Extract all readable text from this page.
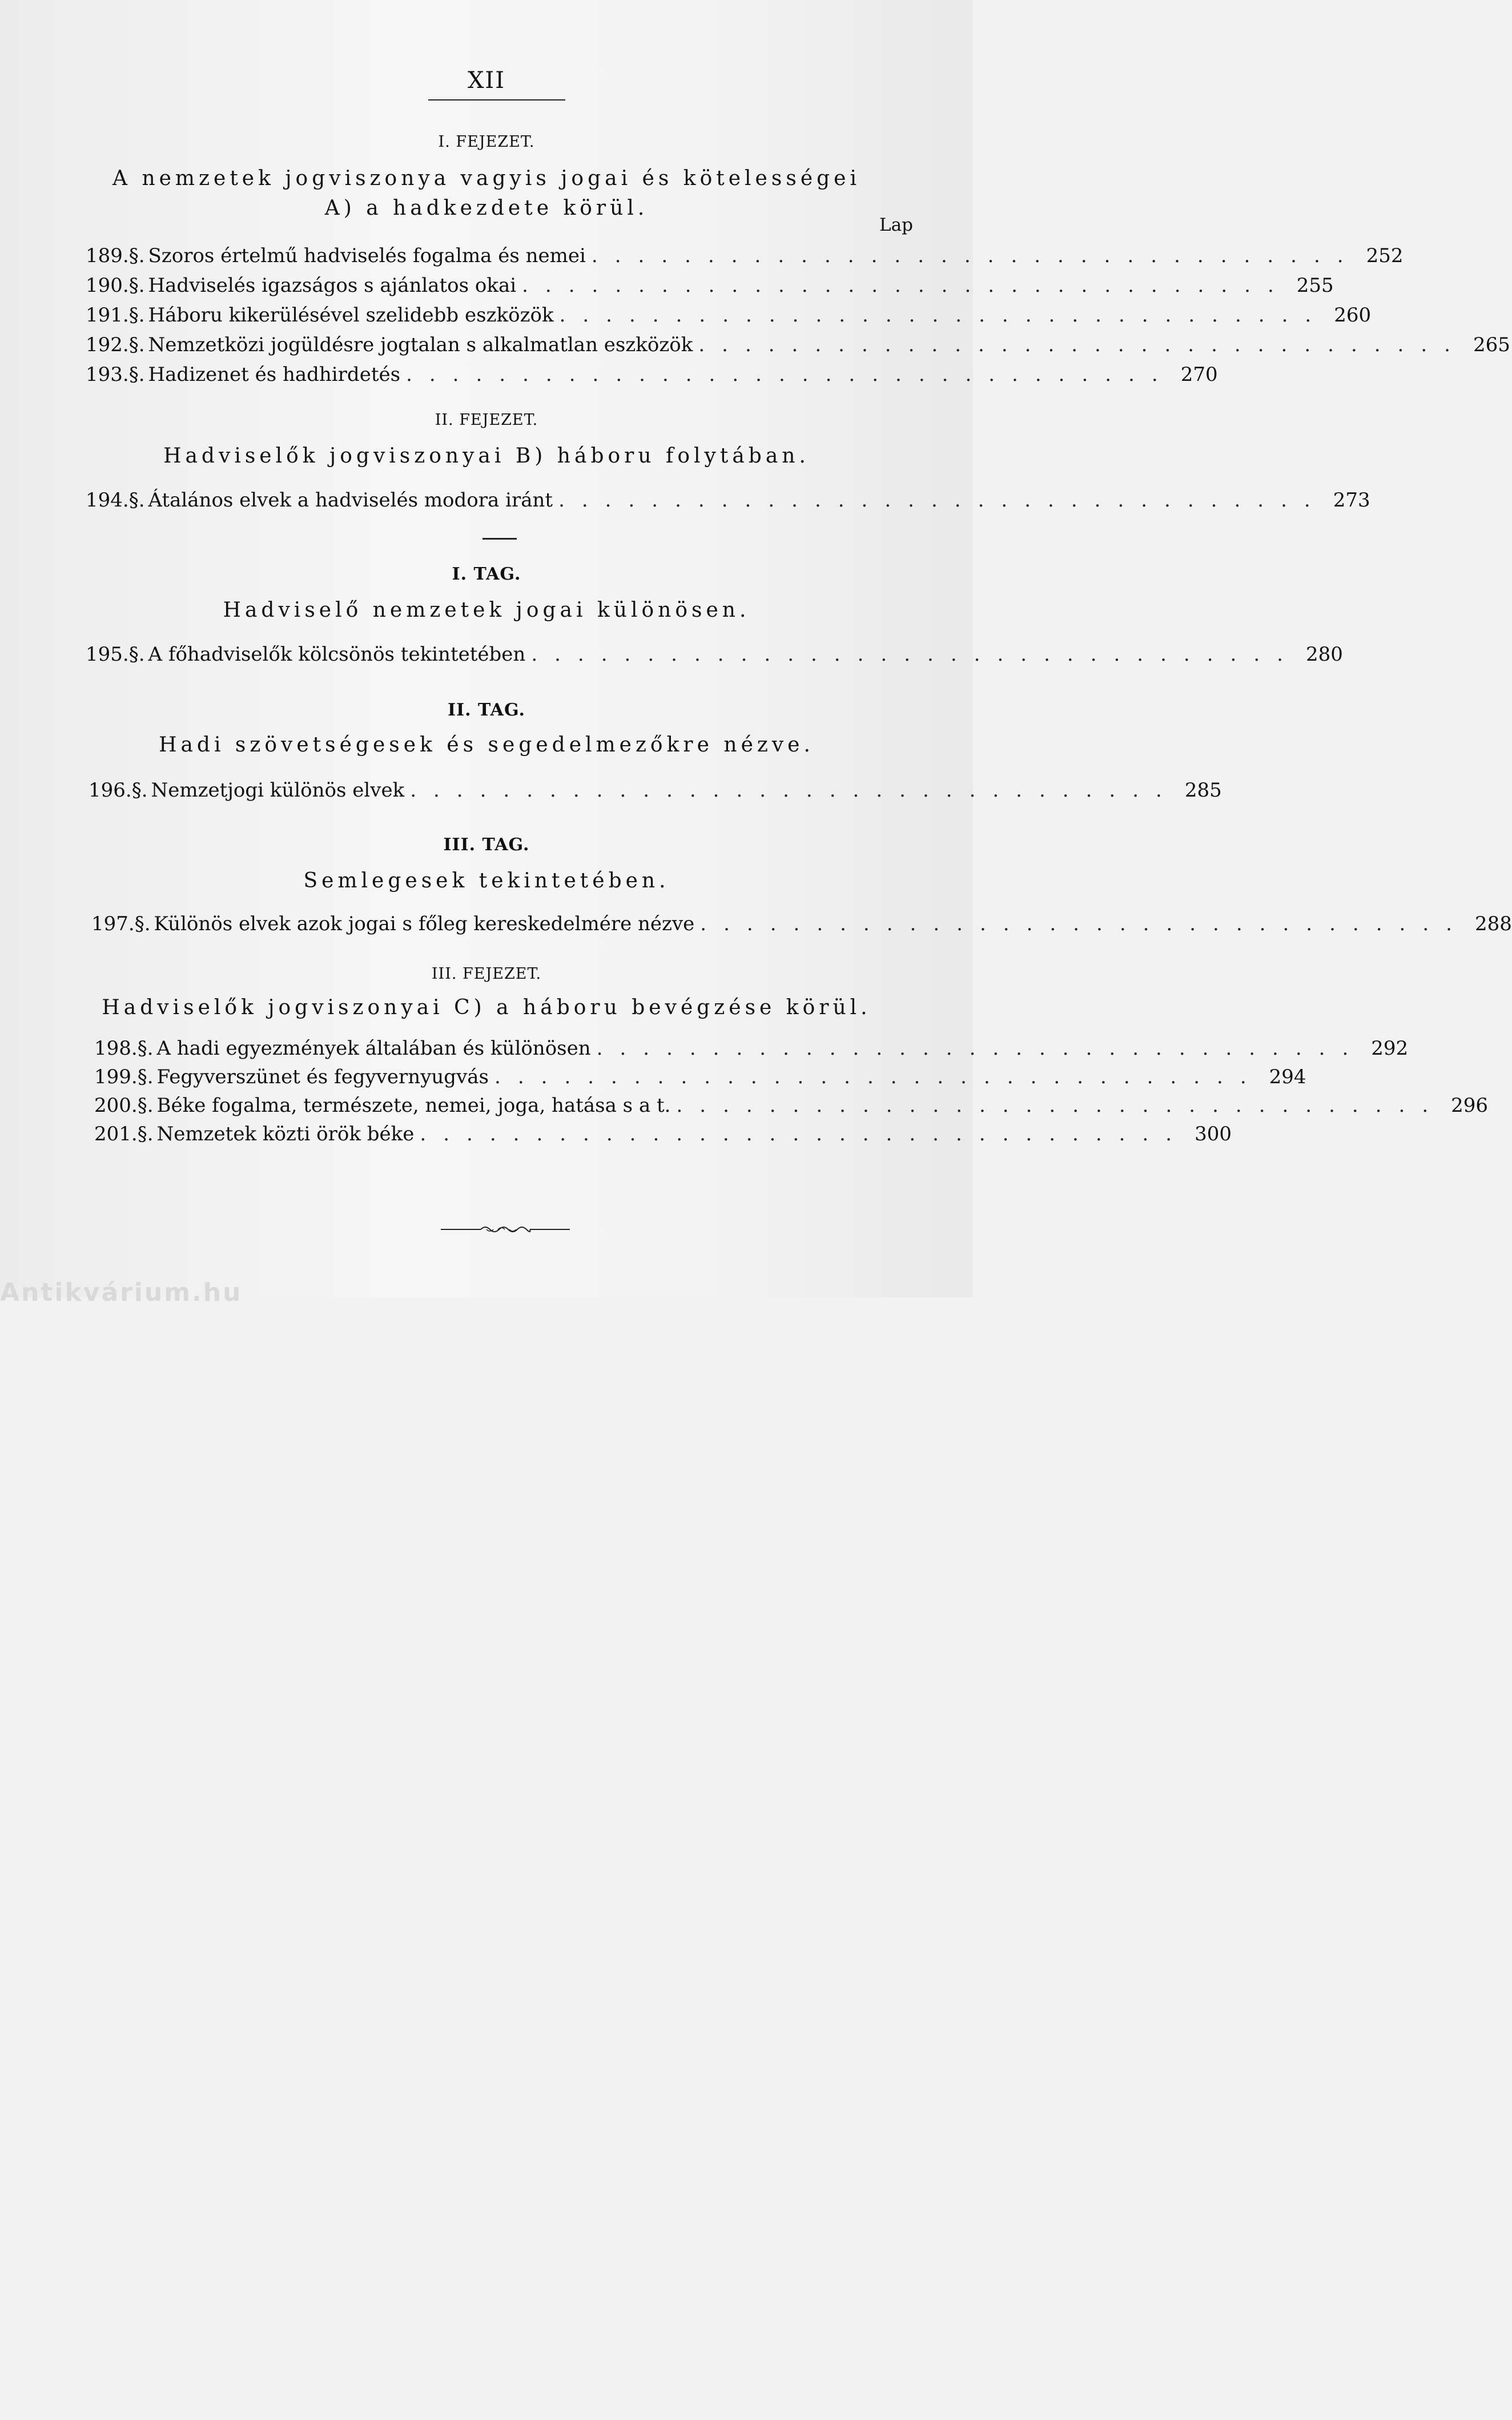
XII
I. FEJEZET.
A nemzetek jogviszonya vagyis jogai és kötelességei
A) a hadkezdete körül.
Lap
189. §. Szoros értelmű hadviselés fogalma és nemei ................................. 252
190. §. Hadviselés igazságos s ajánlatos okai ................................. 255
191. §. Háboru kikerülésével szelidebb eszközök ................................. 260
192. §. Nemzetközi jogüldésre jogtalan s alkalmatlan eszközök ................................. 265
193. §. Hadizenet és hadhirdetés ................................. 270
II. FEJEZET.
Hadviselők jogviszonyai B) háboru folytában.
194. §. Átalános elvek a hadviselés modora iránt ................................. 273
I. TAG.
Hadviselő nemzetek jogai különösen.
195. §. A főhadviselők kölcsönös tekintetében ................................. 280
II. TAG.
Hadi szövetségesek és segedelmezőkre nézve.
196. §. Nemzetjogi különös elvek ................................. 285
III. TAG.
Semlegesek tekintetében.
197. §. Különös elvek azok jogai s főleg kereskedelmére nézve ................................. 288
III. FEJEZET.
Hadviselők jogviszonyai C) a háboru bevégzése körül.
198. §. A hadi egyezmények általában és különösen ................................. 292
199. §. Fegyverszünet és fegyvernyugvás ................................. 294
200. §. Béke fogalma, természete, nemei, joga, hatása s a t. ................................. 296
201. §. Nemzetek közti örök béke ................................. 300
Antikvárium.hu
